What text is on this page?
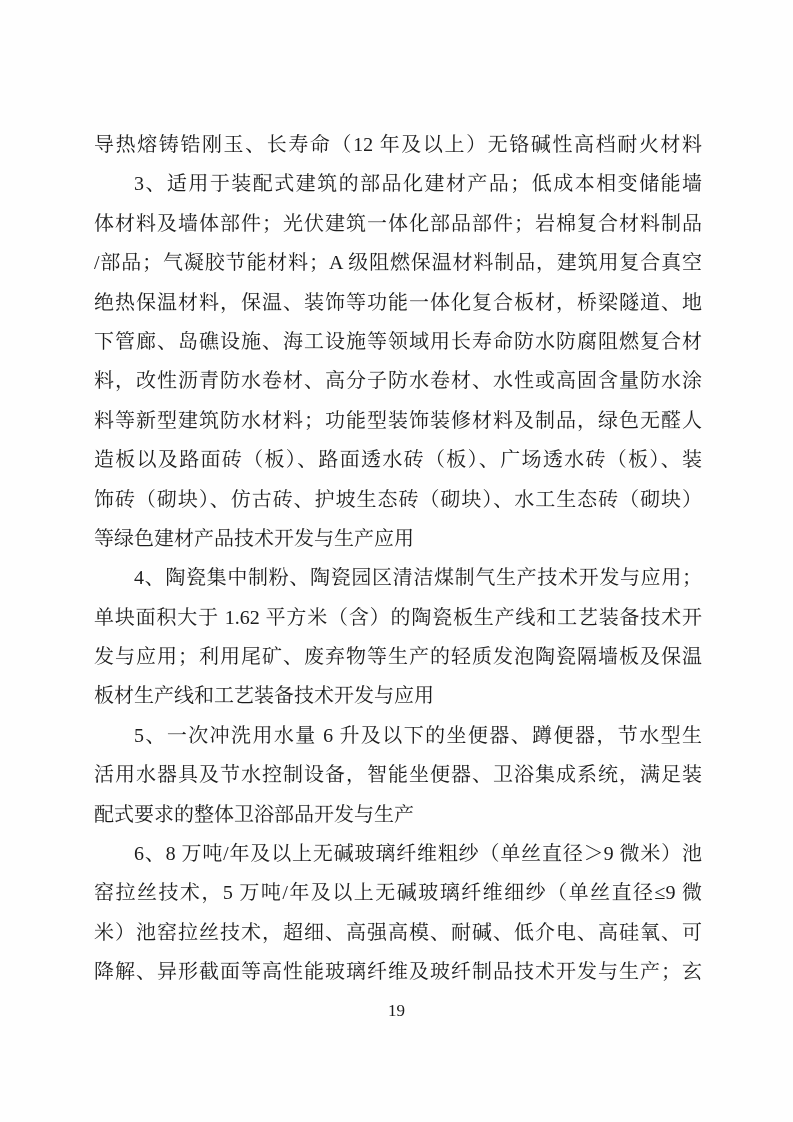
导热熔铸锆刚玉、长寿命（12 年及以上）无铬碱性高档耐火材料
3、适用于装配式建筑的部品化建材产品；低成本相变储能墙
体材料及墙体部件；光伏建筑一体化部品部件；岩棉复合材料制品
/部品；气凝胶节能材料；A 级阻燃保温材料制品，建筑用复合真空
绝热保温材料，保温、装饰等功能一体化复合板材，桥梁隧道、地
下管廊、岛礁设施、海工设施等领域用长寿命防水防腐阻燃复合材
料，改性沥青防水卷材、高分子防水卷材、水性或高固含量防水涂
料等新型建筑防水材料；功能型装饰装修材料及制品，绿色无醛人
造板以及路面砖（板）、路面透水砖（板）、广场透水砖（板）、装
饰砖（砌块）、仿古砖、护坡生态砖（砌块）、水工生态砖（砌块）
等绿色建材产品技术开发与生产应用
4、陶瓷集中制粉、陶瓷园区清洁煤制气生产技术开发与应用；
单块面积大于 1.62 平方米（含）的陶瓷板生产线和工艺装备技术开
发与应用；利用尾矿、废弃物等生产的轻质发泡陶瓷隔墙板及保温
板材生产线和工艺装备技术开发与应用
5、一次冲洗用水量 6 升及以下的坐便器、蹲便器，节水型生
活用水器具及节水控制设备，智能坐便器、卫浴集成系统，满足装
配式要求的整体卫浴部品开发与生产
6、8 万吨/年及以上无碱玻璃纤维粗纱（单丝直径＞9 微米）池
窑拉丝技术，5 万吨/年及以上无碱玻璃纤维细纱（单丝直径≤9 微
米）池窑拉丝技术，超细、高强高模、耐碱、低介电、高硅氧、可
降解、异形截面等高性能玻璃纤维及玻纤制品技术开发与生产；玄
19
